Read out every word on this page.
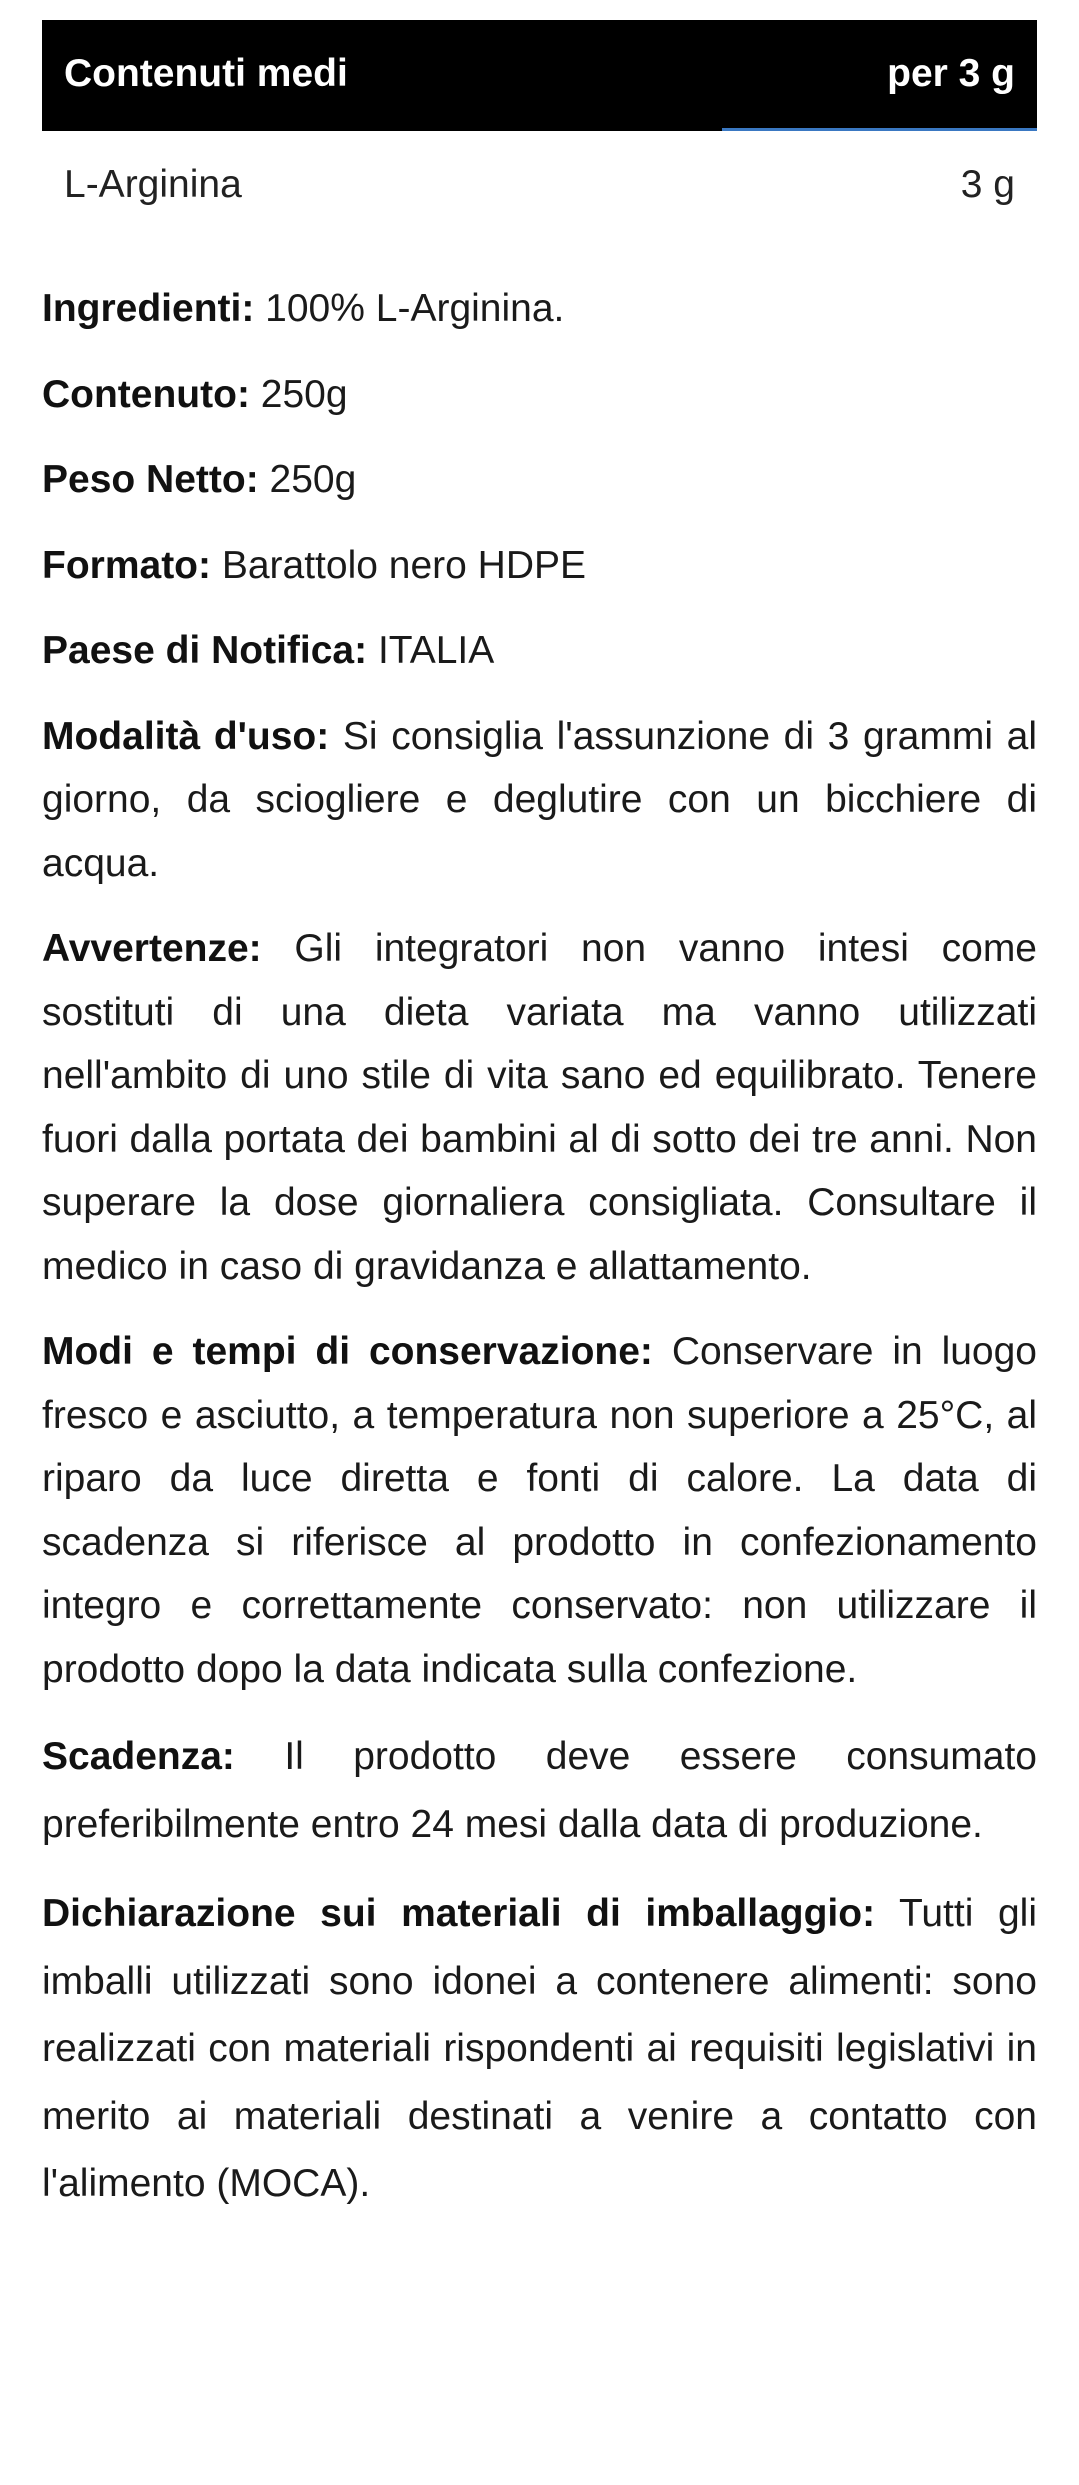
Contenuti medi	per 3 g

L-Arginina	3 g

Ingredienti: 100% L-Arginina.

Contenuto: 250g

Peso Netto: 250g

Formato: Barattolo nero HDPE

Paese di Notifica: ITALIA

Modalità d'uso: Si consiglia l'assunzione di 3 grammi al giorno, da sciogliere e deglutire con un bicchiere di acqua.

Avvertenze: Gli integratori non vanno intesi come sostituti di una dieta variata ma vanno utilizzati nell'ambito di uno stile di vita sano ed equilibrato. Tenere fuori dalla portata dei bambini al di sotto dei tre anni. Non superare la dose giornaliera consigliata. Consultare il medico in caso di gravidanza e allattamento.

Modi e tempi di conservazione: Conservare in luogo fresco e asciutto, a temperatura non superiore a 25°C, al riparo da luce diretta e fonti di calore. La data di scadenza si riferisce al prodotto in confezionamento integro e correttamente conservato: non utilizzare il prodotto dopo la data indicata sulla confezione.

Scadenza: Il prodotto deve essere consumato preferibilmente entro 24 mesi dalla data di produzione.

Dichiarazione sui materiali di imballaggio: Tutti gli imballi utilizzati sono idonei a contenere alimenti: sono realizzati con materiali rispondenti ai requisiti legislativi in merito ai materiali destinati a venire a contatto con l'alimento (MOCA).
